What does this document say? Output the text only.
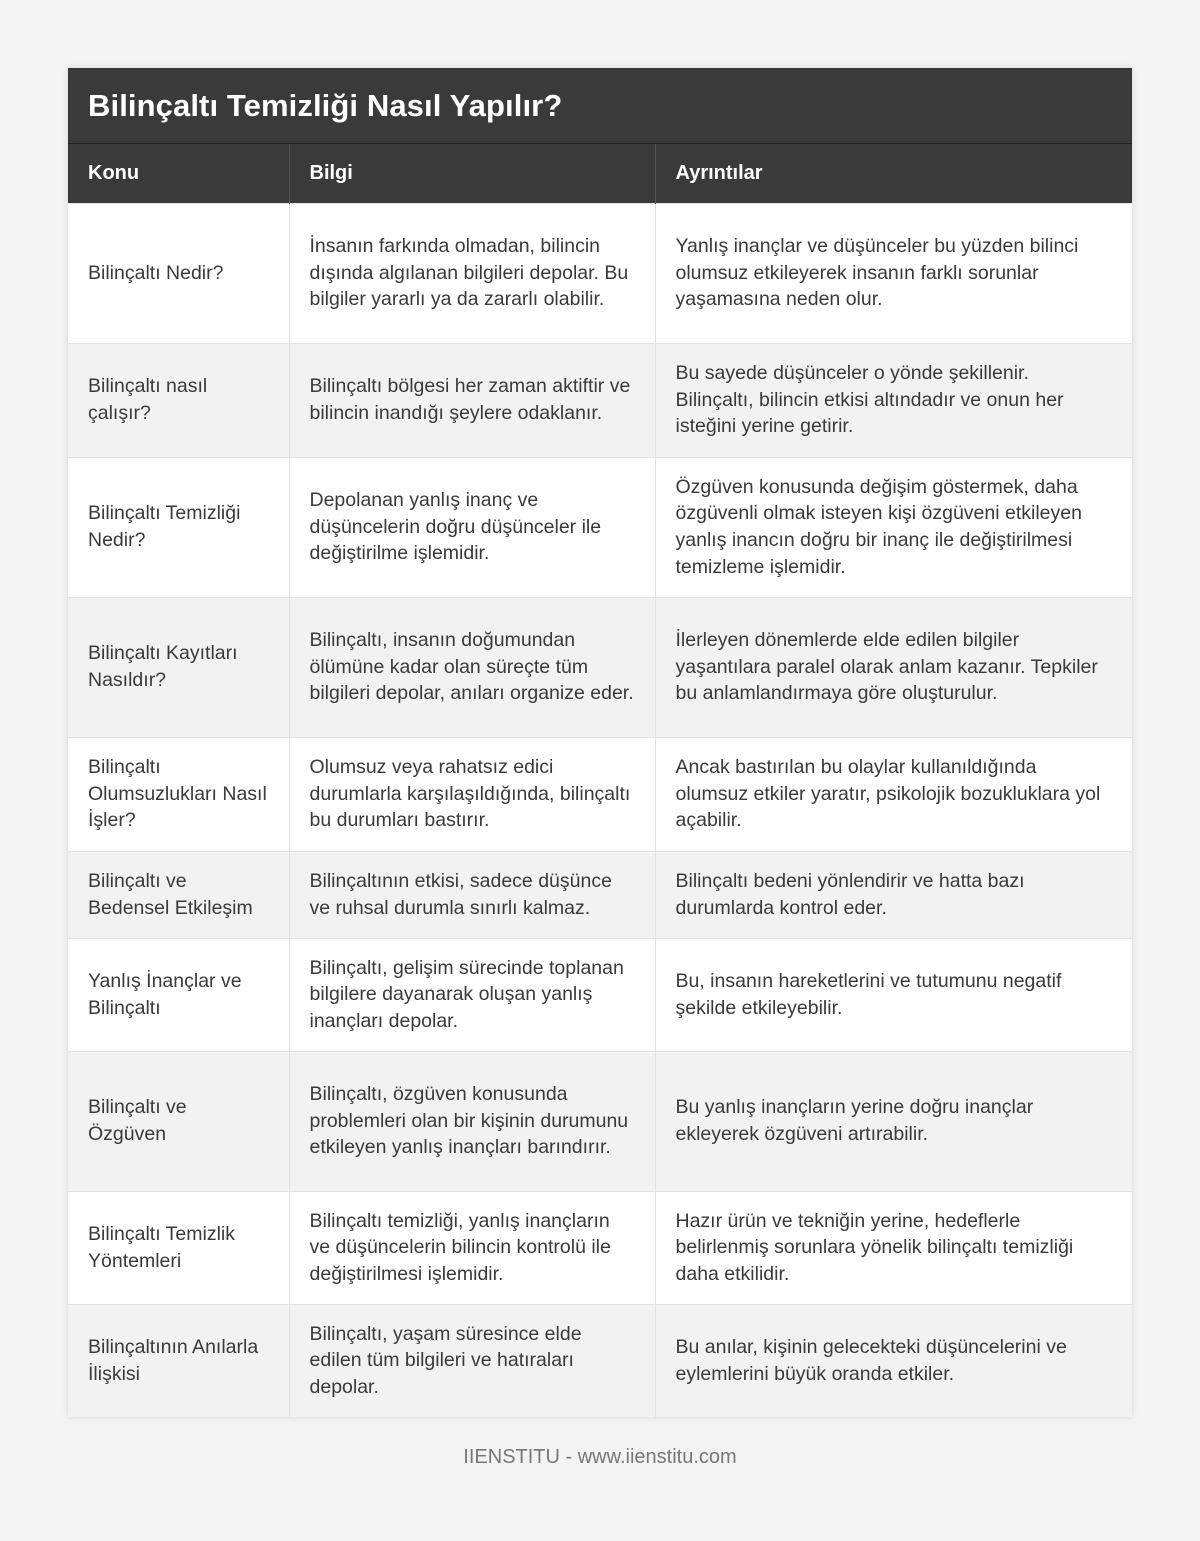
Bilinçaltı Temizliği Nasıl Yapılır?
Konu	Bilgi	Ayrıntılar
Bilinçaltı Nedir?	İnsanın farkında olmadan, bilincin dışında algılanan bilgileri depolar. Bu bilgiler yararlı ya da zararlı olabilir.	Yanlış inançlar ve düşünceler bu yüzden bilinci olumsuz etkileyerek insanın farklı sorunlar yaşamasına neden olur.
Bilinçaltı nasıl çalışır?	Bilinçaltı bölgesi her zaman aktiftir ve bilincin inandığı şeylere odaklanır.	Bu sayede düşünceler o yönde şekillenir. Bilinçaltı, bilincin etkisi altındadır ve onun her isteğini yerine getirir.
Bilinçaltı Temizliği Nedir?	Depolanan yanlış inanç ve düşüncelerin doğru düşünceler ile değiştirilme işlemidir.	Özgüven konusunda değişim göstermek, daha özgüvenli olmak isteyen kişi özgüveni etkileyen yanlış inancın doğru bir inanç ile değiştirilmesi temizleme işlemidir.
Bilinçaltı Kayıtları Nasıldır?	Bilinçaltı, insanın doğumundan ölümüne kadar olan süreçte tüm bilgileri depolar, anıları organize eder.	İlerleyen dönemlerde elde edilen bilgiler yaşantılara paralel olarak anlam kazanır. Tepkiler bu anlamlandırmaya göre oluşturulur.
Bilinçaltı Olumsuzlukları Nasıl İşler?	Olumsuz veya rahatsız edici durumlarla karşılaşıldığında, bilinçaltı bu durumları bastırır.	Ancak bastırılan bu olaylar kullanıldığında olumsuz etkiler yaratır, psikolojik bozukluklara yol açabilir.
Bilinçaltı ve Bedensel Etkileşim	Bilinçaltının etkisi, sadece düşünce ve ruhsal durumla sınırlı kalmaz.	Bilinçaltı bedeni yönlendirir ve hatta bazı durumlarda kontrol eder.
Yanlış İnançlar ve Bilinçaltı	Bilinçaltı, gelişim sürecinde toplanan bilgilere dayanarak oluşan yanlış inançları depolar.	Bu, insanın hareketlerini ve tutumunu negatif şekilde etkileyebilir.
Bilinçaltı ve Özgüven	Bilinçaltı, özgüven konusunda problemleri olan bir kişinin durumunu etkileyen yanlış inançları barındırır.	Bu yanlış inançların yerine doğru inançlar ekleyerek özgüveni artırabilir.
Bilinçaltı Temizlik Yöntemleri	Bilinçaltı temizliği, yanlış inançların ve düşüncelerin bilincin kontrolü ile değiştirilmesi işlemidir.	Hazır ürün ve tekniğin yerine, hedeflerle belirlenmiş sorunlara yönelik bilinçaltı temizliği daha etkilidir.
Bilinçaltının Anılarla İlişkisi	Bilinçaltı, yaşam süresince elde edilen tüm bilgileri ve hatıraları depolar.	Bu anılar, kişinin gelecekteki düşüncelerini ve eylemlerini büyük oranda etkiler.
IIENSTITU - www.iienstitu.com
